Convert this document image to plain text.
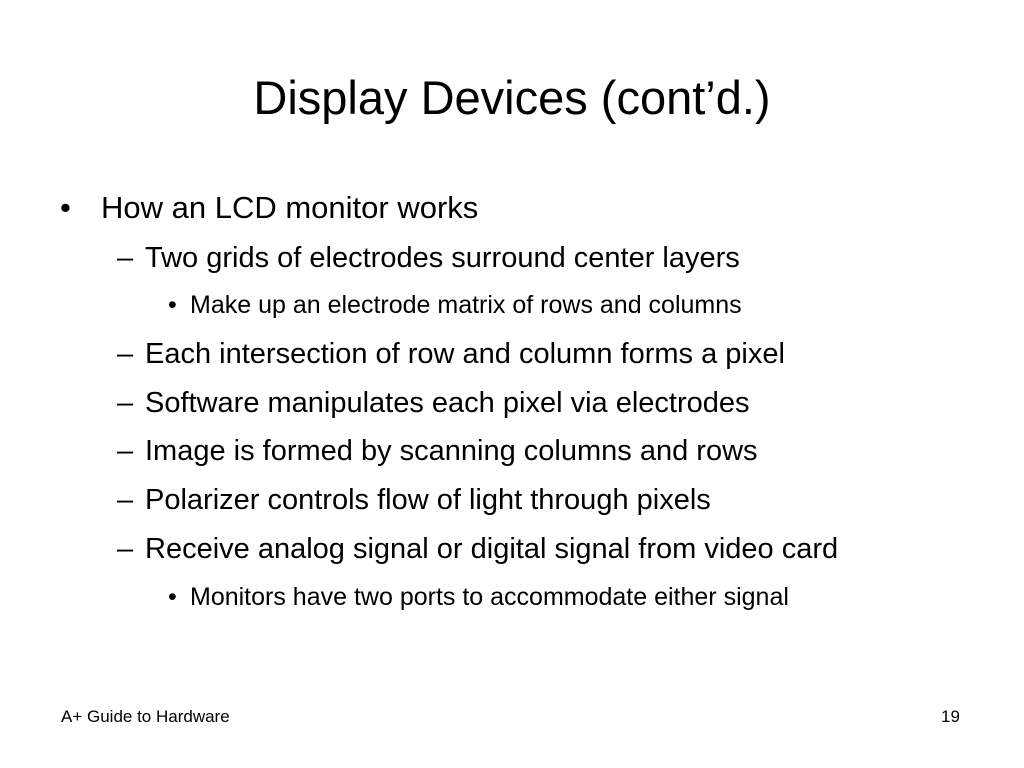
Display Devices (cont’d.)
• How an LCD monitor works
– Two grids of electrodes surround center layers
• Make up an electrode matrix of rows and columns
– Each intersection of row and column forms a pixel
– Software manipulates each pixel via electrodes
– Image is formed by scanning columns and rows
– Polarizer controls flow of light through pixels
– Receive analog signal or digital signal from video card
• Monitors have two ports to accommodate either signal
A+ Guide to Hardware	19
